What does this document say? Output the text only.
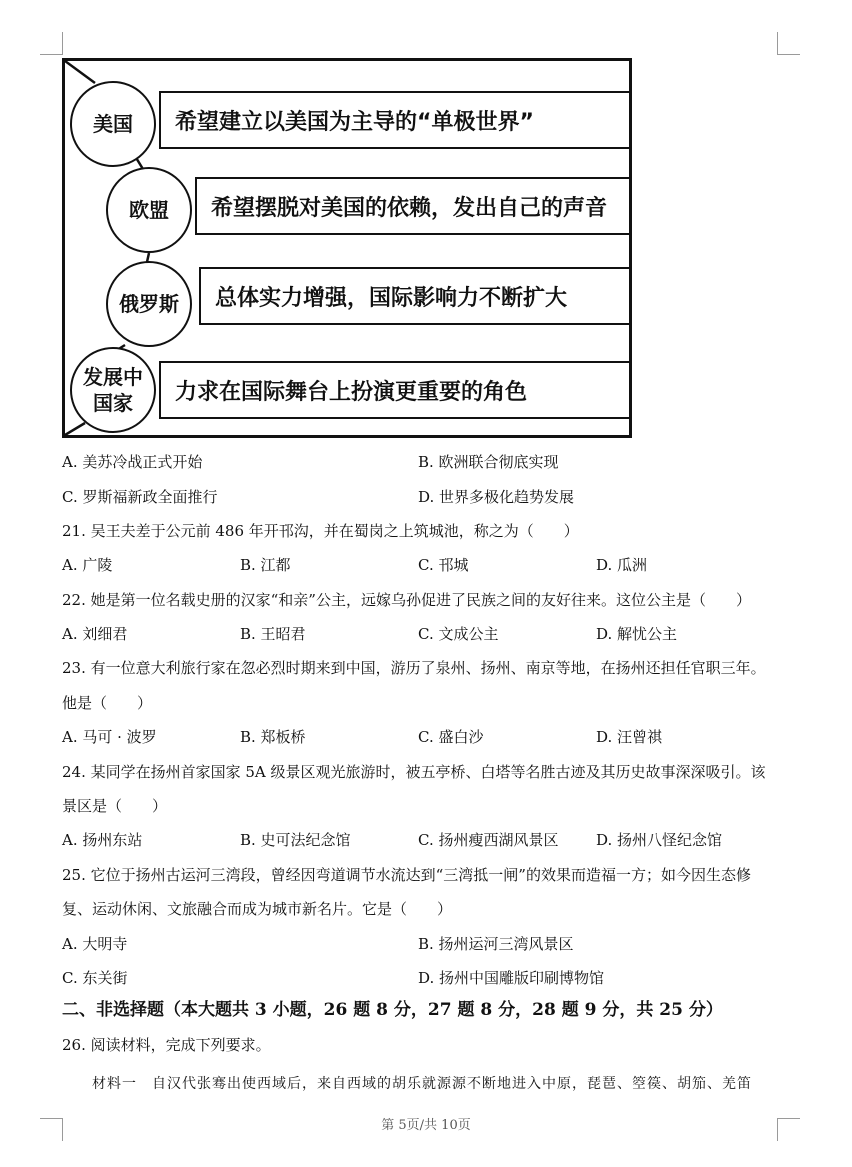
美国 希望建立以美国为主导的“单极世界”
欧盟 希望摆脱对美国的依赖，发出自己的声音
俄罗斯 总体实力增强，国际影响力不断扩大
发展中
国家	力求在国际舞台上扮演更重要的角色
A. 美苏冷战正式开始	B. 欧洲联合彻底实现
C. 罗斯福新政全面推行	D. 世界多极化趋势发展
21. 吴王夫差于公元前 486 年开邗沟，并在蜀岗之上筑城池，称之为（　　）
A. 广陵	B. 江都	C. 邗城	D. 瓜洲
22. 她是第一位名载史册的汉家“和亲”公主，远嫁乌孙促进了民族之间的友好往来。这位公主是（　　）
A. 刘细君	B. 王昭君	C. 文成公主	D. 解忧公主
23. 有一位意大利旅行家在忽必烈时期来到中国，游历了泉州、扬州、南京等地，在扬州还担任官职三年。
他是（　　）
A. 马可 · 波罗	B. 郑板桥	C. 盛白沙	D. 汪曾祺
24. 某同学在扬州首家国家 5A 级景区观光旅游时，被五亭桥、白塔等名胜古迹及其历史故事深深吸引。该
景区是（　　）
A. 扬州东站	B. 史可法纪念馆	C. 扬州瘦西湖风景区	D. 扬州八怪纪念馆
25. 它位于扬州古运河三湾段，曾经因弯道调节水流达到“三湾抵一闸”的效果而造福一方；如今因生态修
复、运动休闲、文旅融合而成为城市新名片。它是（　　）
A. 大明寺	B. 扬州运河三湾风景区
C. 东关街	D. 扬州中国雕版印刷博物馆
二、非选择题（本大题共 3 小题，26 题 8 分，27 题 8 分，28 题 9 分，共 25 分）
26. 阅读材料，完成下列要求。
材料一　自汉代张骞出使西域后，来自西域的胡乐就源源不断地进入中原，琵琶、箜篌、胡笳、羌笛
第 5页/共 10页
